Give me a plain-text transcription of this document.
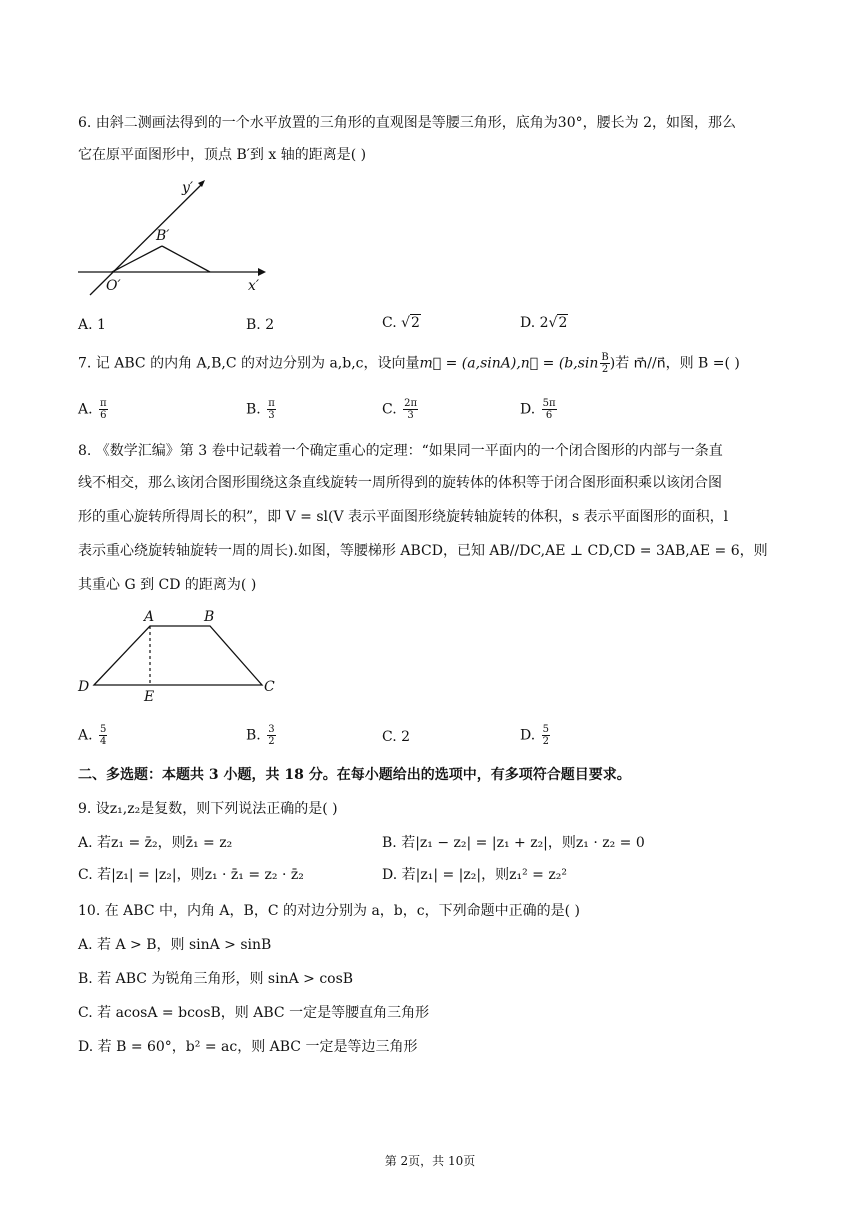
6. 由斜二测画法得到的一个水平放置的三角形的直观图是等腰三角形，底角为30°，腰长为 2，如图，那么
它在原平面图形中，顶点 B′到 x 轴的距离是( )
y′
B′
O′	x′
A. 1	B. 2	C. √2	D. 2√2
7. 记 ABC 的内角 A,B,C 的对边分别为 a,b,c，设向量m⃗ = (a,sinA),n⃗ = ($b,\sin \frac{B}{2}$ )若 m⃗//n⃗，则 B =( )
A. $\frac{\pi}{6}$	B. $\frac{\pi}{3}$	C. $\frac{2\pi}{3}$	D. $\frac{5\pi}{6}$
8. 《数学汇编》第 3 卷中记载着一个确定重心的定理：“如果同一平面内的一个闭合图形的内部与一条直
线不相交，那么该闭合图形围绕这条直线旋转一周所得到的旋转体的体积等于闭合图形面积乘以该闭合图
形的重心旋转所得周长的积”，即 V = sl(V 表示平面图形绕旋转轴旋转的体积，s 表示平面图形的面积，l
表示重心绕旋转轴旋转一周的周长).如图，等腰梯形 ABCD，已知 AB//DC,AE ⊥ CD,CD = 3AB,AE = 6，则
其重心 G 到 CD 的距离为( )
A	B
D	C
E
A. $\frac{5}{4}$	B. $\frac{3}{2}$	C. 2	D. $\frac{5}{2}$
二、多选题：本题共 3 小题，共 18 分。在每小题给出的选项中，有多项符合题目要求。
9. 设z₁,z₂是复数，则下列说法正确的是( )
A. 若z₁ = z̄₂，则z̄₁ = z₂	B. 若|z₁ − z₂| = |z₁ + z₂|，则z₁ · z₂ = 0
C. 若|z₁| = |z₂|，则z₁ · z̄₁ = z₂ · z̄₂	D. 若|z₁| = |z₂|，则z₁² = z₂²
10. 在 ABC 中，内角 A，B，C 的对边分别为 a，b，c，下列命题中正确的是( )
A. 若 A > B，则 sinA > sinB
B. 若 ABC 为锐角三角形，则 sinA > cosB
C. 若 acosA = bcosB，则 ABC 一定是等腰直角三角形
D. 若 B = 60°，b² = ac，则 ABC 一定是等边三角形
第 2页，共 10页
